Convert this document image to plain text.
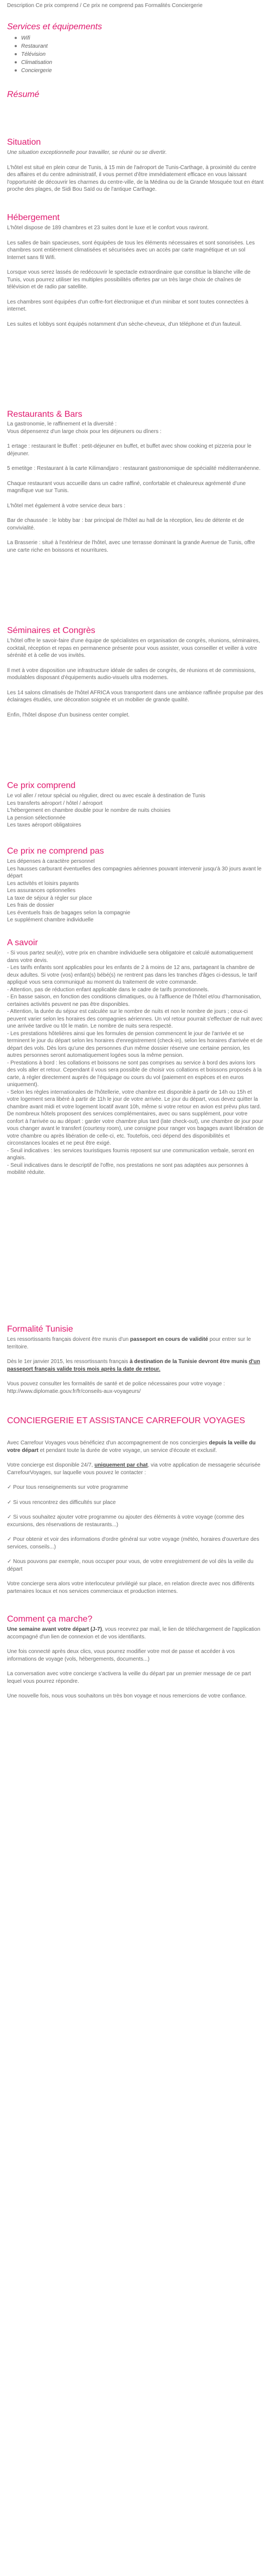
Description Ce prix comprend / Ce prix ne comprend pas Formalités Conciergerie

Services et équipements
Wifi
Restaurant
Télévision
Climatisation
Conciergerie
Résumé
Situation

Une situation exceptionnelle pour travailler, se réunir ou se divertir.

L'hôtel est situé en plein cœur de Tunis, à 15 min de l'aéroport de Tunis-Carthage, à proximité du centre des affaires et du centre administratif, il vous permet d'être immédiatement efficace en vous laissant l'opportunité de découvrir les charmes du centre-ville, de la Médina ou de la Grande Mosquée tout en étant proche des plages, de Sidi Bou Saïd ou de l'antique Carthage.

Hébergement

L'hôtel dispose de 189 chambres et 23 suites dont le luxe et le confort vous raviront.

Les salles de bain spacieuses, sont équipées de tous les éléments nécessaires et sont sonorisées. Les chambres sont entièrement climatisées et sécurisées avec un accès par carte magnétique et un sol Internet sans fil Wifi.

Lorsque vous serez lassés de redécouvrir le spectacle extraordinaire que constitue la blanche ville de Tunis, vous pourrez utiliser les multiples possibilités offertes par un très large choix de chaînes de télévision et de radio par satellite.

Les chambres sont équipées d'un coffre-fort électronique et d'un minibar et sont toutes connectées à internet.

Les suites et lobbys sont équipés notamment d'un sèche-cheveux, d'un téléphone et d'un fauteuil.

Restaurants & Bars

La gastronomie, le raffinement et la diversité :

Vous dépenserez d'un large choix pour les déjeuners ou dîners :

1 ertage : restaurant le Buffet : petit-déjeuner en buffet, et buffet avec show cooking et pizzeria pour le déjeuner.

5 emetitge : Restaurant à la carte Kilimandjaro : restaurant gastronomique de spécialité méditerranéenne.

Chaque restaurant vous accueille dans un cadre raffiné, confortable et chaleureux agrémenté d'une magnifique vue sur Tunis.

L'hôtel met également à votre service deux bars :

Bar de chaussée : le lobby bar : bar principal de l'hôtel au hall de la réception, lieu de détente et de convivialité.

La Brasserie : situé à l'extérieur de l'hôtel, avec une terrasse dominant la grande Avenue de Tunis, offre une carte riche en boissons et nourritures.

Séminaires et Congrès

L'hôtel offre le savoir-faire d'une équipe de spécialistes en organisation de congrès, réunions, séminaires, cocktail, réception et repas en permanence présente pour vous assister, vous conseiller et veiller à votre sérénité et à celle de vos invités.

Il met à votre disposition une infrastructure idéale de salles de congrès, de réunions et de commissions, modulables disposant d'équipements audio-visuels ultra modernes.

Les 14 salons climatisés de l'hôtel AFRICA vous transportent dans une ambiance raffinée propulse par des éclairages étudiés, une décoration soignée et un mobilier de grande qualité.

Enfin, l'hôtel dispose d'un business center complet.

Ce prix comprend

Le vol aller / retour spécial ou régulier, direct ou avec escale à destination de Tunis

Les transferts aéroport / hôtel / aéroport

L'hébergement en chambre double pour le nombre de nuits choisies

La pension sélectionnée

Les taxes aéroport obligatoires

Ce prix ne comprend pas

Les dépenses à caractère personnel

Les hausses carburant éventuelles des compagnies aériennes pouvant intervenir jusqu'à 30 jours avant le départ

Les activités et loisirs payants

Les assurances optionnelles

La taxe de séjour à régler sur place

Les frais de dossier

Les éventuels frais de bagages selon la compagnie

Le supplément chambre individuelle

A savoir

- Si vous partez seul(e), votre prix en chambre individuelle sera obligatoire et calculé automatiquement dans votre devis.

- Les tarifs enfants sont applicables pour les enfants de 2 à moins de 12 ans, partageant la chambre de deux adultes. Si votre (vos) enfant(s) bébé(s) ne rentrent pas dans les tranches d'âges ci-dessus, le tarif appliqué vous sera communiqué au moment du traitement de votre commande.

- Attention, pas de réduction enfant applicable dans le cadre de tarifs promotionnels.

- En basse saison, en fonction des conditions climatiques, ou à l'affluence de l'hôtel et/ou d'harmonisation, certaines activités peuvent ne pas être disponibles.

- Attention, la durée du séjour est calculée sur le nombre de nuits et non le nombre de jours ; ceux-ci peuvent varier selon les horaires des compagnies aériennes. Un vol retour pourrait s'effectuer de nuit avec une arrivée tardive ou tôt le matin. Le nombre de nuits sera respecté.

- Les prestations hôtelières ainsi que les formules de pension commencent le jour de l'arrivée et se terminent le jour du départ selon les horaires d'enregistrement (check-in), selon les horaires d'arrivée et de départ des vols. Dès lors qu'une des personnes d'un même dossier réserve une certaine pension, les autres personnes seront automatiquement logées sous la même pension.

- Prestations à bord : les collations et boissons ne sont pas comprises au service à bord des avions lors des vols aller et retour. Cependant il vous sera possible de choisir vos collations et boissons proposés à la carte, à régler directement auprès de l'équipage ou cours du vol (paiement en espèces et en euros uniquement).

- Selon les règles internationales de l'hôtellerie, votre chambre est disponible à partir de 14h ou 15h et votre logement sera libéré à partir de 11h le jour de votre arrivée. Le jour du départ, vous devez quitter la chambre avant midi et votre logement locatif avant 10h, même si votre retour en avion est prévu plus tard. De nombreux hôtels proposent des services complémentaires, avec ou sans supplément, pour votre confort à l'arrivée ou au départ : garder votre chambre plus tard (late check-out), une chambre de jour pour vous changer avant le transfert (courtesy room), une consigne pour ranger vos bagages avant libération de votre chambre ou après libération de celle-ci, etc. Toutefois, ceci dépend des disponibilités et circonstances locales et ne peut être exigé.

- Seuil indicatives : les services touristiques fournis reposent sur une communication verbale, seront en anglais.

- Seuil indicatives dans le descriptif de l'offre, nos prestations ne sont pas adaptées aux personnes à mobilité réduite.

Formalité Tunisie

Les ressortissants français doivent être munis d'un passeport en cours de validité pour entrer sur le territoire.

Dès le 1er janvier 2015, les ressortissants français à destination de la Tunisie devront être munis d'un passeport français valide trois mois après la date de retour.

Vous pouvez consulter les formalités de santé et de police nécessaires pour votre voyage : http://www.diplomatie.gouv.fr/fr/conseils-aux-voyageurs/

CONCIERGERIE ET ASSISTANCE CARREFOUR VOYAGES

Avec Carrefour Voyages vous bénéficiez d'un accompagnement de nos conciergies depuis la veille du votre départ et pendant toute la durée de votre voyage, un service d'écoute et exclusif.

Votre concierge est disponible 24/7, uniquement par chat, via votre application de messagerie sécurisée CarrefourVoyages, sur laquelle vous pouvez le contacter :

✓ Pour tous renseignements sur votre programme

✓ Si vous rencontrez des difficultés sur place

✓ Si vous souhaitez ajouter votre programme ou ajouter des éléments à votre voyage (comme des excursions, des réservations de restaurants...)

✓ Pour obtenir et voir des informations d'ordre général sur votre voyage (météo, horaires d'ouverture des services, conseils...)

✓ Nous pouvons par exemple, nous occuper pour vous, de votre enregistrement de vol dès la veille du départ

Votre concierge sera alors votre interlocuteur privilégié sur place, en relation directe avec nos différents partenaires locaux et nos services commerciaux et production internes.

Comment ça marche?

Une semaine avant votre départ (J-7), vous recevrez par mail, le lien de téléchargement de l'application accompagné d'un lien de connexion et de vos identifiants.

Une fois connecté après deux clics, vous pourrez modifier votre mot de passe et accéder à vos informations de voyage (vols, hébergements, documents...)

La conversation avec votre concierge s'activera la veille du départ par un premier message de ce part lequel vous pourrez répondre.

Une nouvelle fois, nous vous souhaitons un très bon voyage et nous remercions de votre confiance.
